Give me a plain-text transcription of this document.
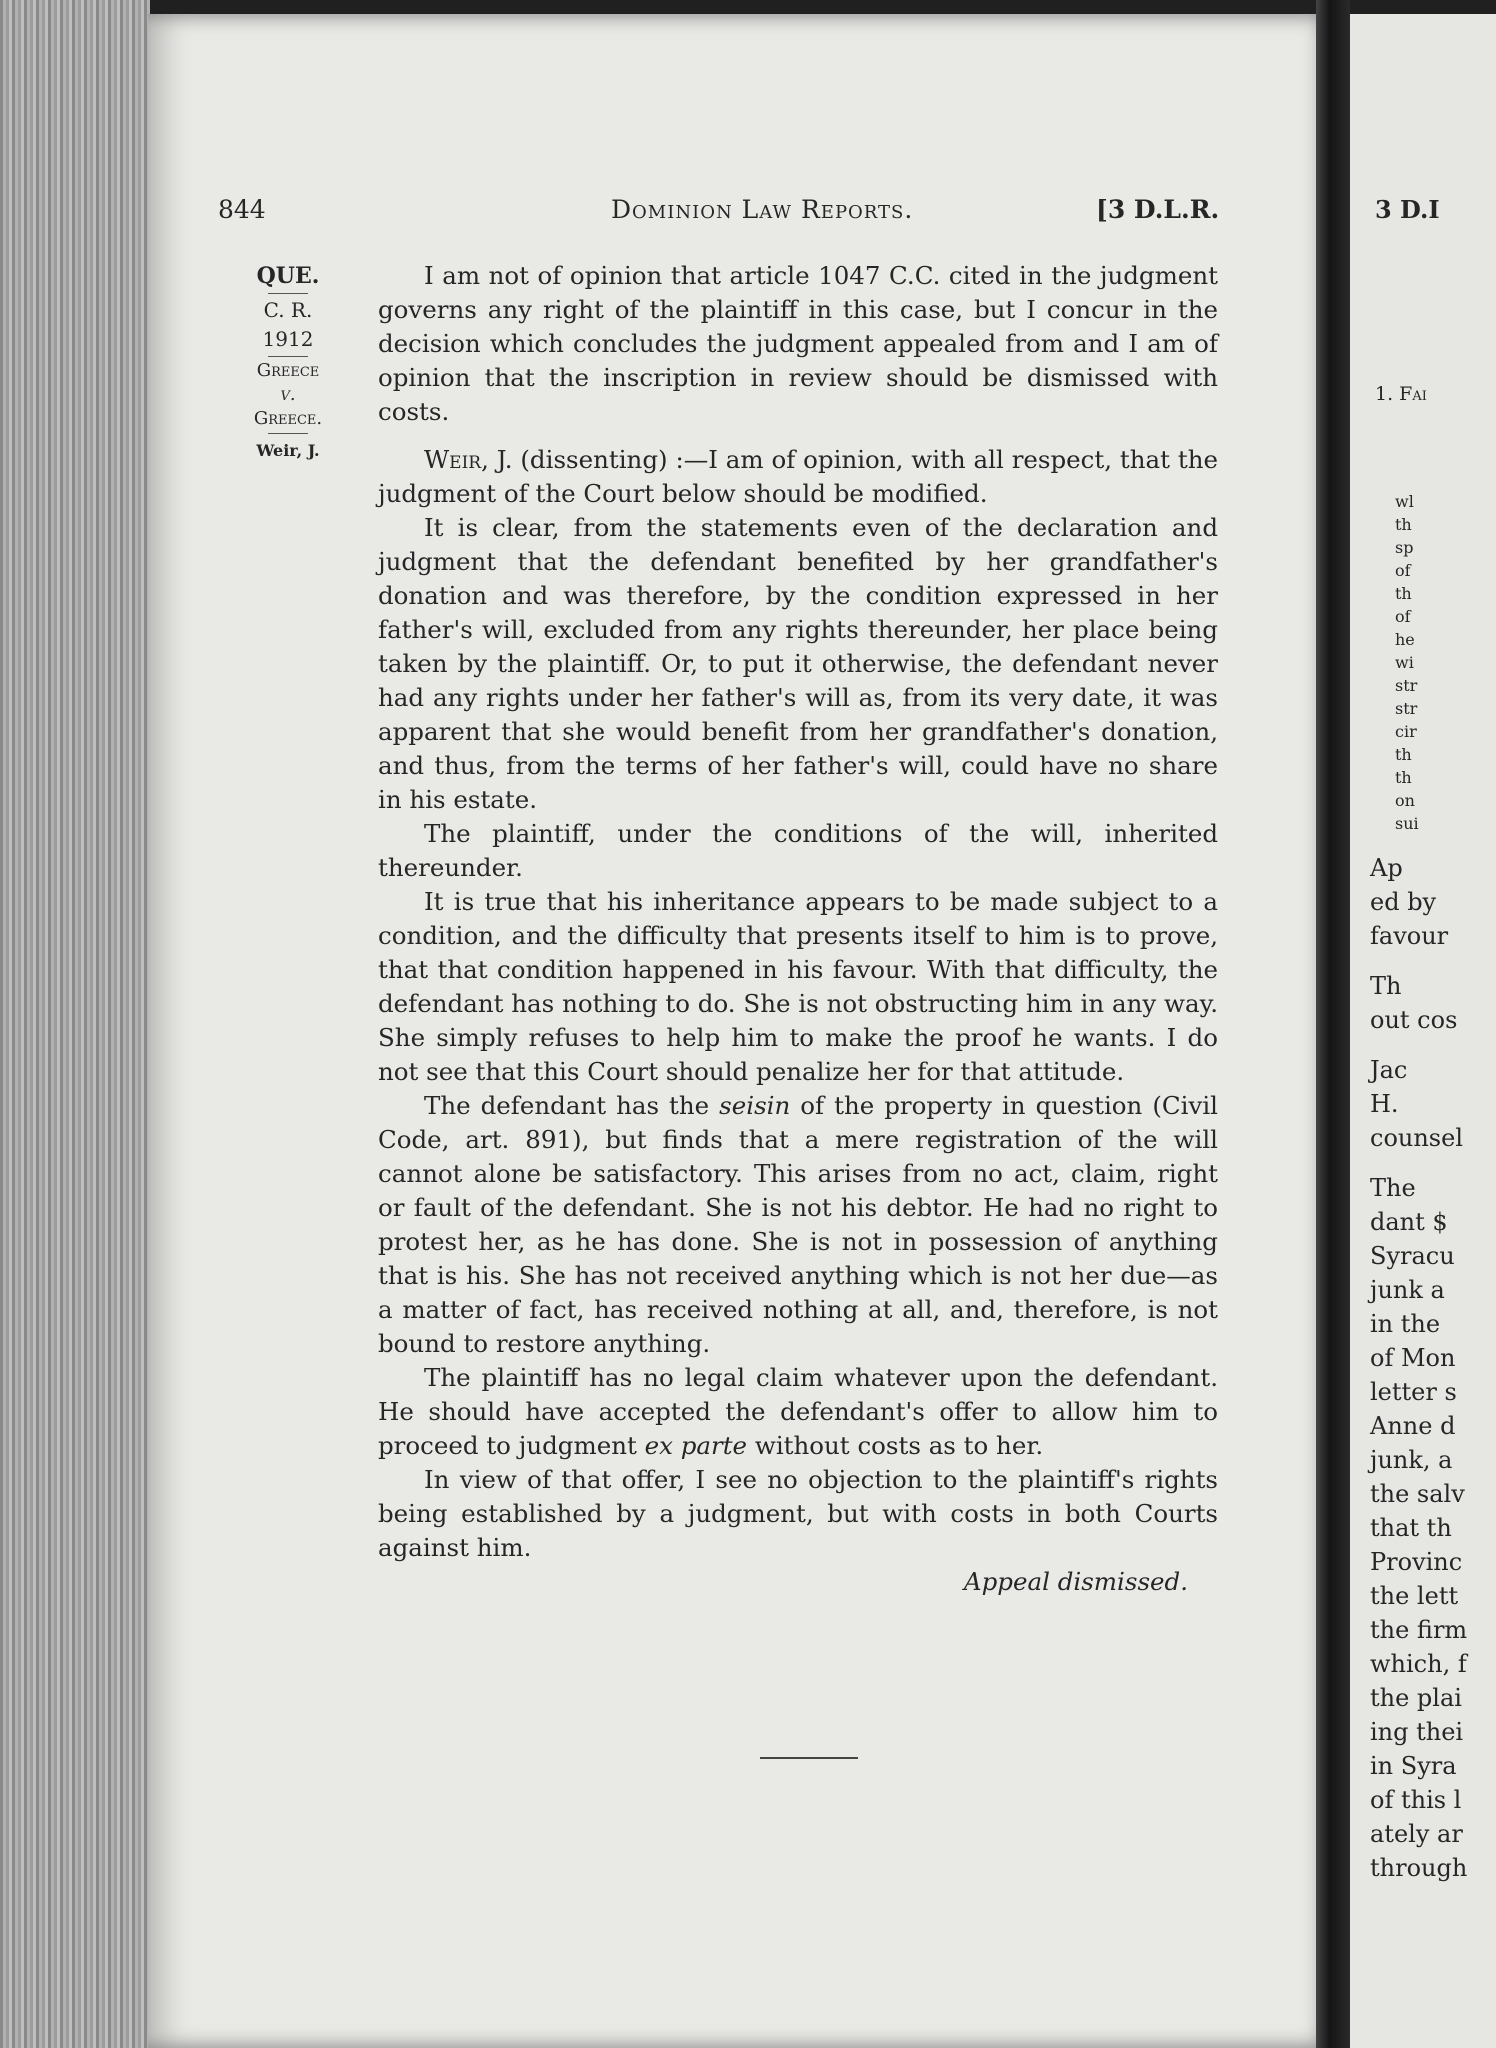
844	Dominion Law Reports.	[3 D.L.R.
QUE.
C. R.
1912
Greece
v.
Greece.
Weir, J.

I am not of opinion that article 1047 C.C. cited in the judgment governs any right of the plaintiff in this case, but I concur in the decision which concludes the judgment appealed from and I am of opinion that the inscription in review should be dismissed with costs.

Weir, J. (dissenting) :—I am of opinion, with all respect, that the judgment of the Court below should be modified.

It is clear, from the statements even of the declaration and judgment that the defendant benefited by her grandfather's donation and was therefore, by the condition expressed in her father's will, excluded from any rights thereunder, her place being taken by the plaintiff. Or, to put it otherwise, the defendant never had any rights under her father's will as, from its very date, it was apparent that she would benefit from her grandfather's donation, and thus, from the terms of her father's will, could have no share in his estate.

The plaintiff, under the conditions of the will, inherited thereunder.

It is true that his inheritance appears to be made subject to a condition, and the difficulty that presents itself to him is to prove, that that condition happened in his favour. With that difficulty, the defendant has nothing to do. She is not obstructing him in any way. She simply refuses to help him to make the proof he wants. I do not see that this Court should penalize her for that attitude.

The defendant has the seisin of the property in question (Civil Code, art. 891), but finds that a mere registration of the will cannot alone be satisfactory. This arises from no act, claim, right or fault of the defendant. She is not his debtor. He had no right to protest her, as he has done. She is not in possession of anything that is his. She has not received anything which is not her due—as a matter of fact, has received nothing at all, and, therefore, is not bound to restore anything.

The plaintiff has no legal claim whatever upon the defendant. He should have accepted the defendant's offer to allow him to proceed to judgment ex parte without costs as to her.

In view of that offer, I see no objection to the plaintiff's rights being established by a judgment, but with costs in both Courts against him.

Appeal dismissed.

3 D.I
1. Fai
wl
th
sp
of
th
of
he
wi
str
str
cir
th
th
on
sui
Ap
ed by
favour
Th
out cos
Jac
H.
counsel
The
dant $
Syracu
junk a
in the
of Mon
letter s
Anne d
junk, a
the salv
that th
Provinc
the lett
the firm
which, f
the plai
ing thei
in Syra
of this l
ately ar
through
